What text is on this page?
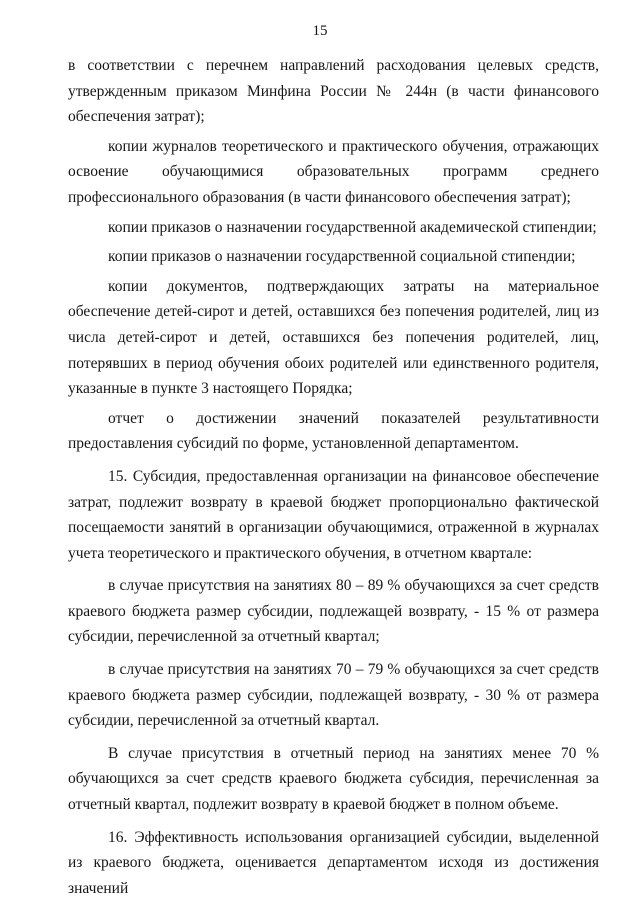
15

в соответствии с перечнем направлений расходования целевых средств, утвержденным приказом Минфина России № 244н (в части финансового обеспечения затрат);

копии журналов теоретического и практического обучения, отражающих освоение обучающимися образовательных программ среднего профессионального образования (в части финансового обеспечения затрат);

копии приказов о назначении государственной академической стипендии;

копии приказов о назначении государственной социальной стипендии;

копии документов, подтверждающих затраты на материальное обеспечение детей-сирот и детей, оставшихся без попечения родителей, лиц из числа детей-сирот и детей, оставшихся без попечения родителей, лиц, потерявших в период обучения обоих родителей или единственного родителя, указанные в пункте 3 настоящего Порядка;

отчет о достижении значений показателей результативности предоставления субсидий по форме, установленной департаментом.

15. Субсидия, предоставленная организации на финансовое обеспечение затрат, подлежит возврату в краевой бюджет пропорционально фактической посещаемости занятий в организации обучающимися, отраженной в журналах учета теоретического и практического обучения, в отчетном квартале:

в случае присутствия на занятиях 80 – 89 % обучающихся за счет средств краевого бюджета размер субсидии, подлежащей возврату, - 15 % от размера субсидии, перечисленной за отчетный квартал;

в случае присутствия на занятиях 70 – 79 % обучающихся за счет средств краевого бюджета размер субсидии, подлежащей возврату, - 30 % от размера субсидии, перечисленной за отчетный квартал.

В случае присутствия в отчетный период на занятиях менее 70 % обучающихся за счет средств краевого бюджета субсидия, перечисленная за отчетный квартал, подлежит возврату в краевой бюджет в полном объеме.

16. Эффективность использования организацией субсидии, выделенной из краевого бюджета, оценивается департаментом исходя из достижения значений
